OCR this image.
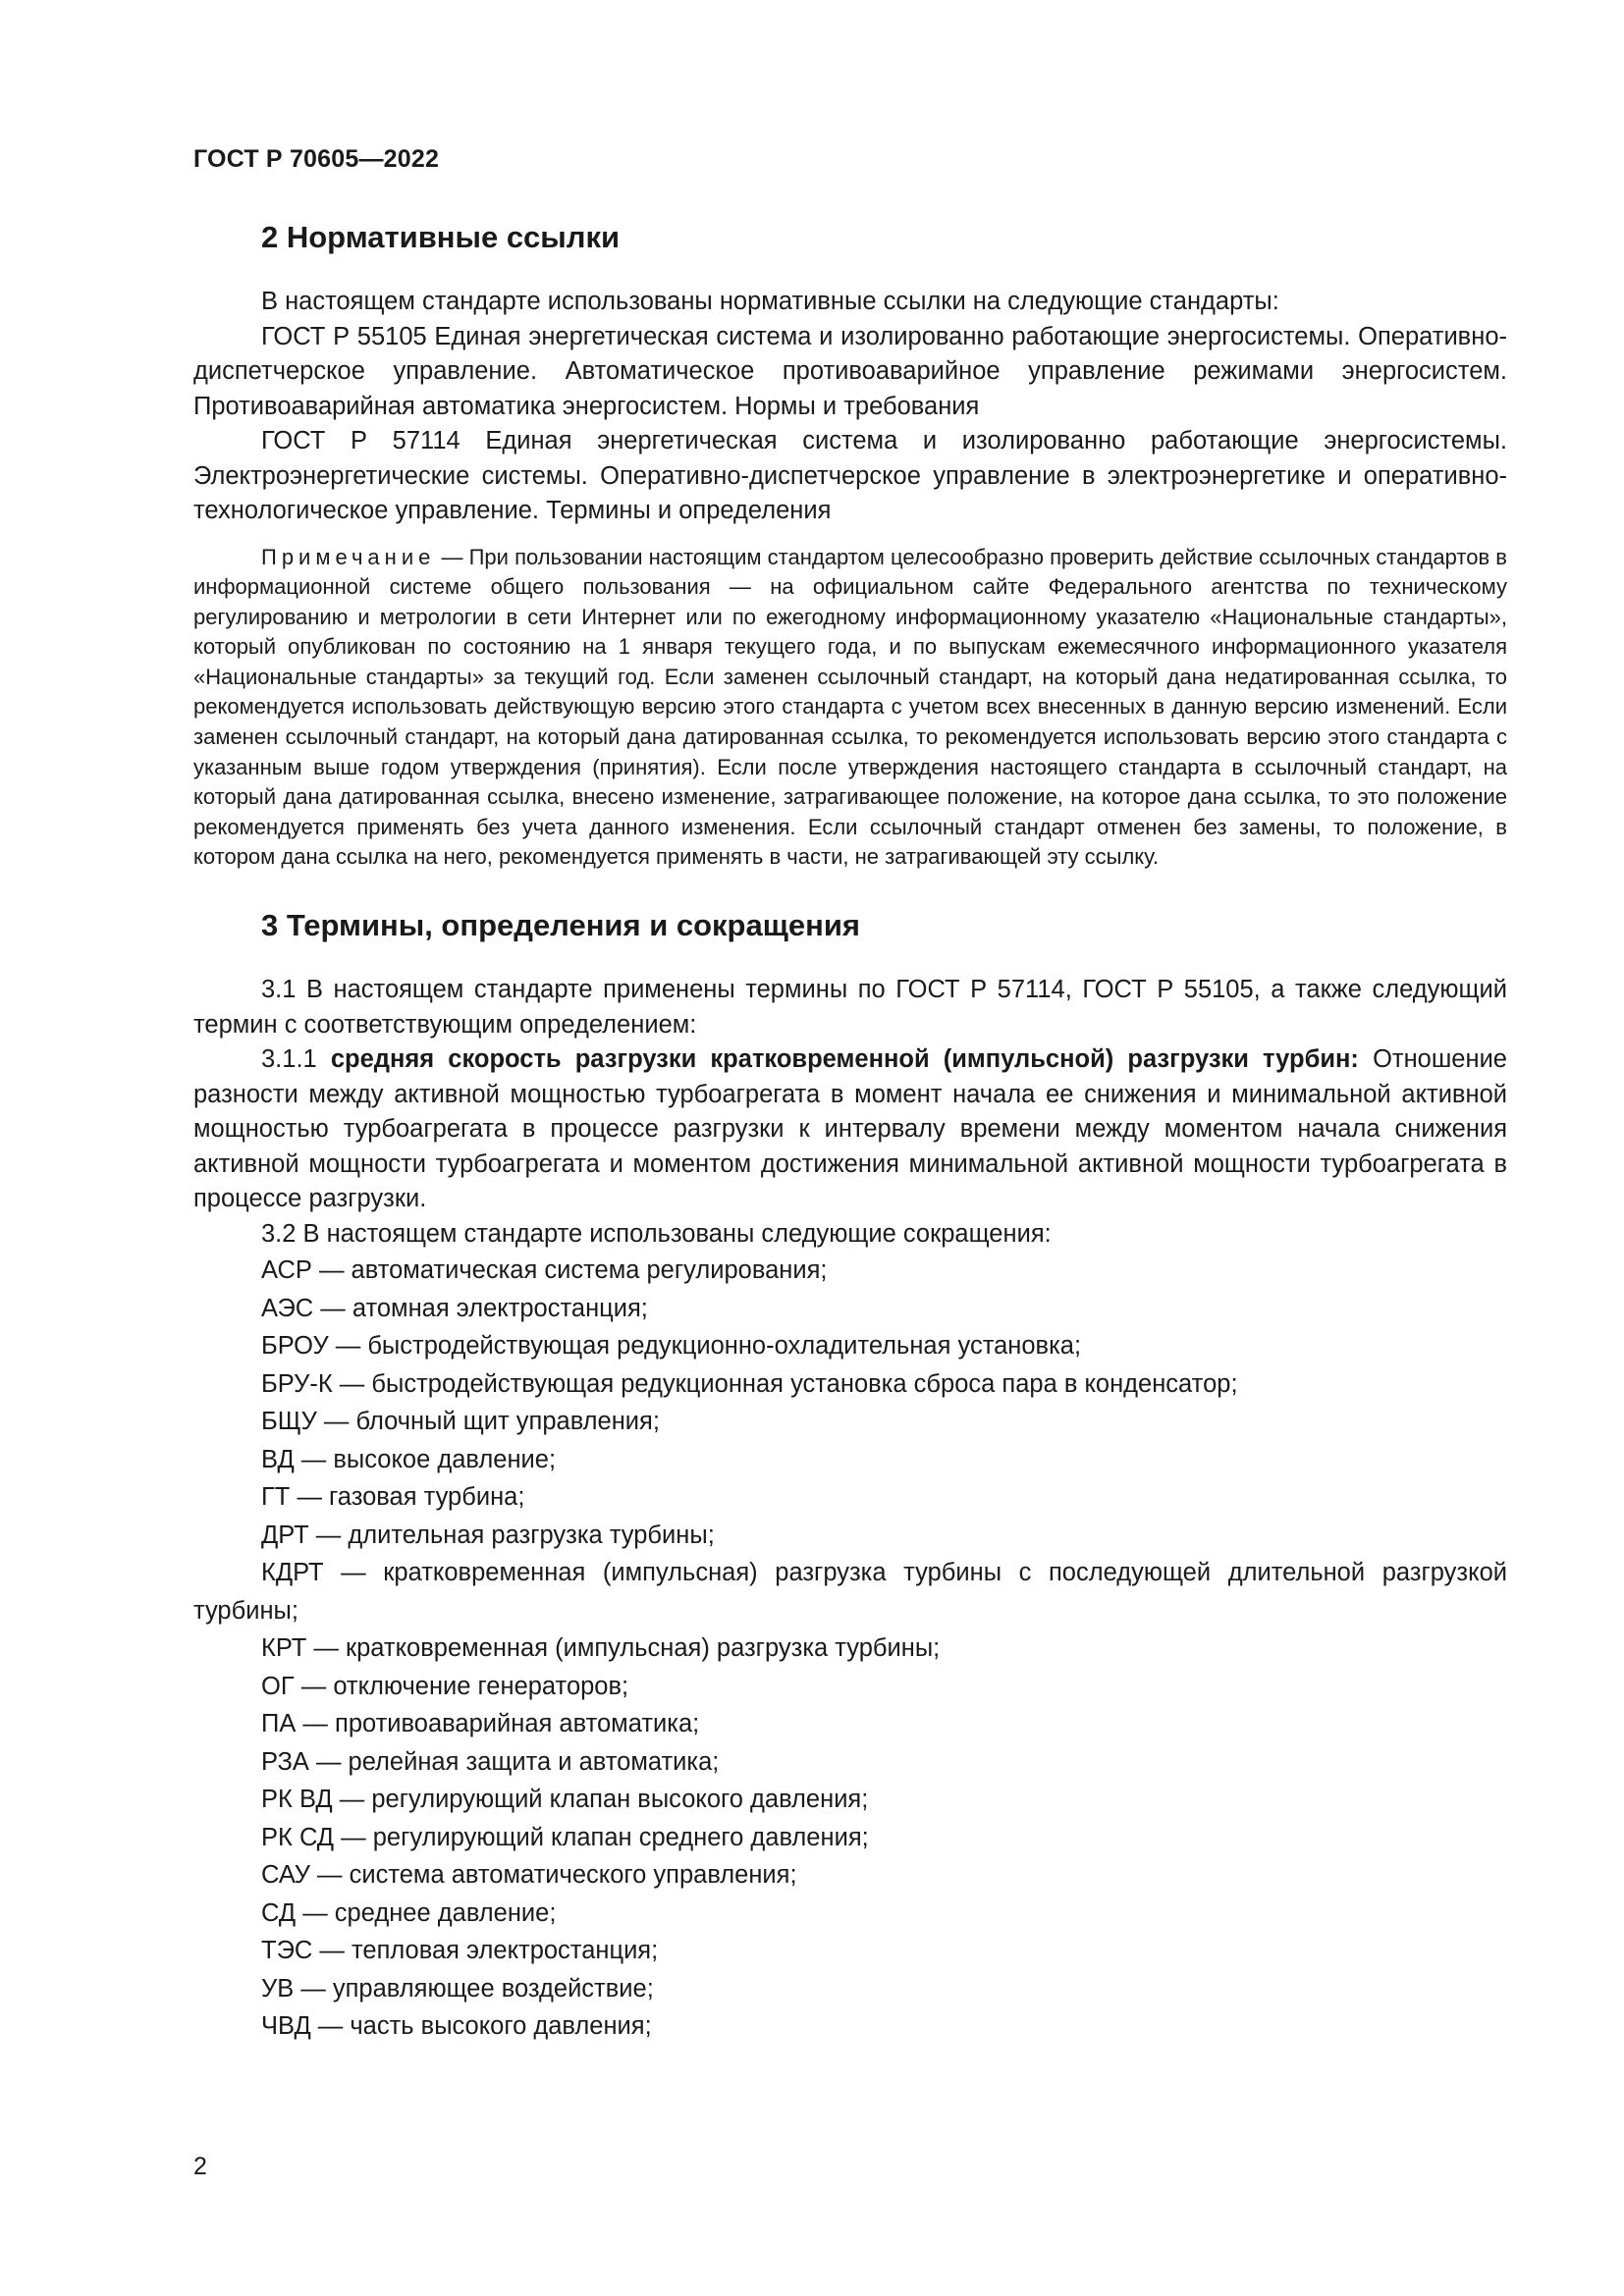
ГОСТ Р 70605—2022
2 Нормативные ссылки

В настоящем стандарте использованы нормативные ссылки на следующие стандарты:

ГОСТ Р 55105 Единая энергетическая система и изолированно работающие энергосистемы. Оперативно-диспетчерское управление. Автоматическое противоаварийное управление режимами энергосистем. Противоаварийная автоматика энергосистем. Нормы и требования

ГОСТ Р 57114 Единая энергетическая система и изолированно работающие энергосистемы. Электроэнергетические системы. Оперативно-диспетчерское управление в электроэнергетике и оперативно-технологическое управление. Термины и определения

Примечание — При пользовании настоящим стандартом целесообразно проверить действие ссылочных стандартов в информационной системе общего пользования — на официальном сайте Федерального агентства по техническому регулированию и метрологии в сети Интернет или по ежегодному информационному указателю «Национальные стандарты», который опубликован по состоянию на 1 января текущего года, и по выпускам ежемесячного информационного указателя «Национальные стандарты» за текущий год. Если заменен ссылочный стандарт, на который дана недатированная ссылка, то рекомендуется использовать действующую версию этого стандарта с учетом всех внесенных в данную версию изменений. Если заменен ссылочный стандарт, на который дана датированная ссылка, то рекомендуется использовать версию этого стандарта с указанным выше годом утверждения (принятия). Если после утверждения настоящего стандарта в ссылочный стандарт, на который дана датированная ссылка, внесено изменение, затрагивающее положение, на которое дана ссылка, то это положение рекомендуется применять без учета данного изменения. Если ссылочный стандарт отменен без замены, то положение, в котором дана ссылка на него, рекомендуется применять в части, не затрагивающей эту ссылку.
3 Термины, определения и сокращения

3.1 В настоящем стандарте применены термины по ГОСТ Р 57114, ГОСТ Р 55105, а также следующий термин с соответствующим определением:

3.1.1 средняя скорость разгрузки кратковременной (импульсной) разгрузки турбин: Отношение разности между активной мощностью турбоагрегата в момент начала ее снижения и минимальной активной мощностью турбоагрегата в процессе разгрузки к интервалу времени между моментом начала снижения активной мощности турбоагрегата и моментом достижения минимальной активной мощности турбоагрегата в процессе разгрузки.

3.2 В настоящем стандарте использованы следующие сокращения:

АСР — автоматическая система регулирования;

АЭС — атомная электростанция;

БРОУ — быстродействующая редукционно-охладительная установка;

БРУ-К — быстродействующая редукционная установка сброса пара в конденсатор;

БЩУ — блочный щит управления;

ВД — высокое давление;

ГТ — газовая турбина;

ДРТ — длительная разгрузка турбины;

КДРТ — кратковременная (импульсная) разгрузка турбины с последующей длительной разгрузкой турбины;

КРТ — кратковременная (импульсная) разгрузка турбины;

ОГ — отключение генераторов;

ПА — противоаварийная автоматика;

РЗА — релейная защита и автоматика;

РК ВД — регулирующий клапан высокого давления;

РК СД — регулирующий клапан среднего давления;

САУ — система автоматического управления;

СД — среднее давление;

ТЭС — тепловая электростанция;

УВ — управляющее воздействие;

ЧВД — часть высокого давления;

2
